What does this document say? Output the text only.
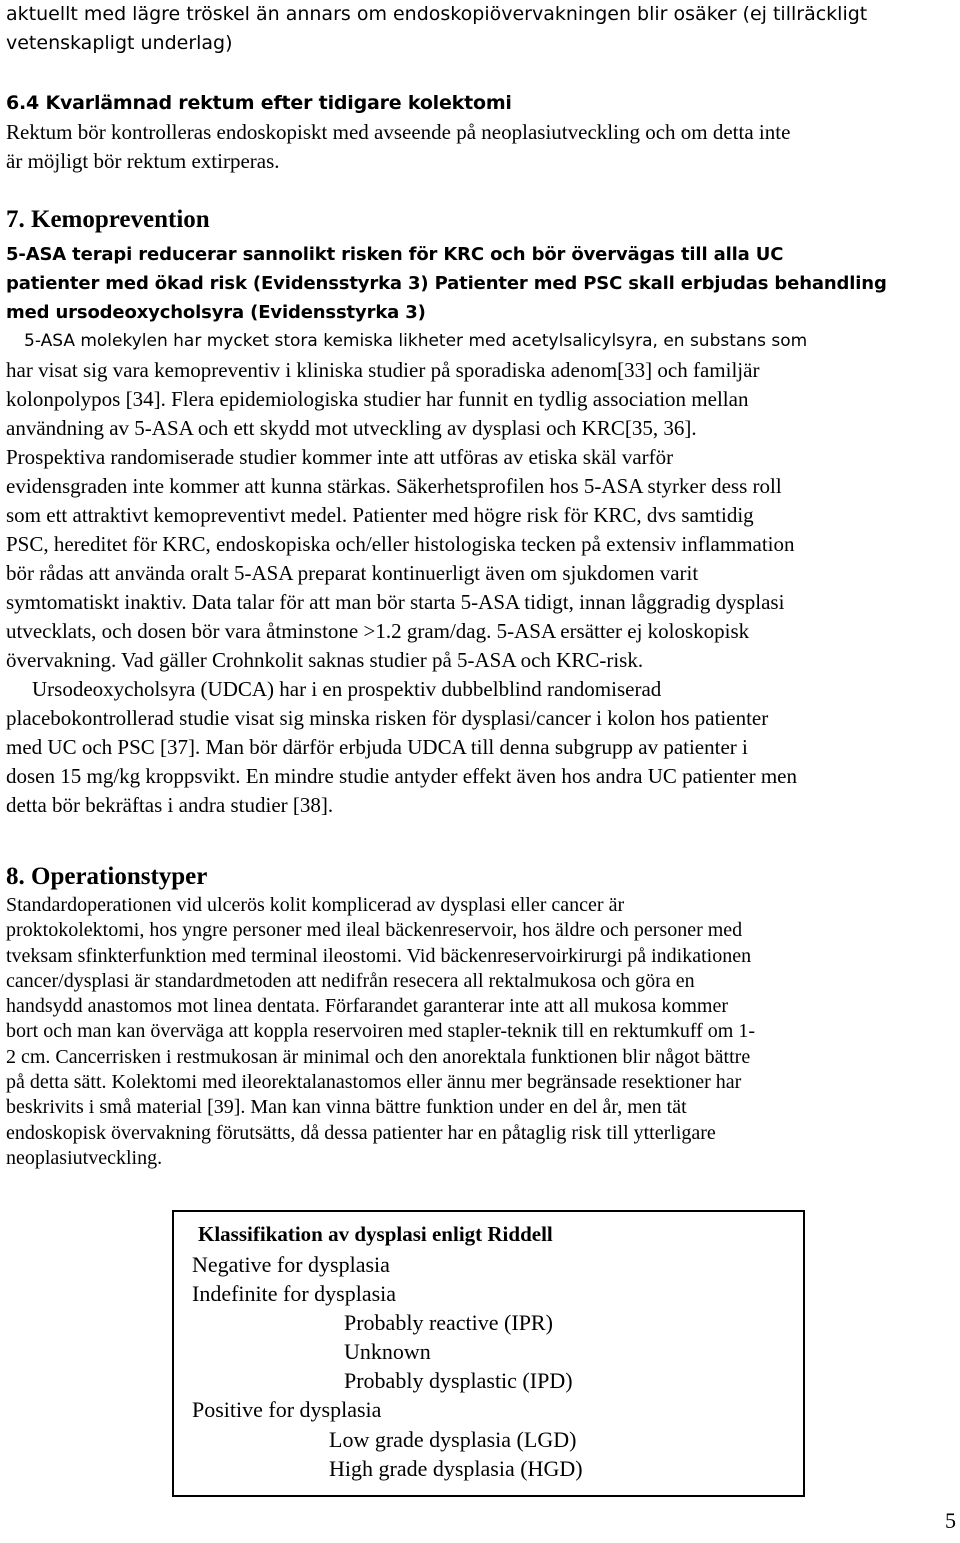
aktuellt med lägre tröskel än annars om endoskopiövervakningen blir osäker (ej tillräckligt
vetenskapligt underlag)
6.4 Kvarlämnad rektum efter tidigare kolektomi
Rektum bör kontrolleras endoskopiskt med avseende på neoplasiutveckling och om detta inte
är möjligt bör rektum extirperas.
7. Kemoprevention
5-ASA terapi reducerar sannolikt risken för KRC och bör övervägas till alla UC
patienter med ökad risk (Evidensstyrka 3) Patienter med PSC skall erbjudas behandling
med ursodeoxycholsyra (Evidensstyrka 3)
5-ASA molekylen har mycket stora kemiska likheter med acetylsalicylsyra, en substans som
har visat sig vara kemopreventiv i kliniska studier på sporadiska adenom[33] och familjär
kolonpolypos [34]. Flera epidemiologiska studier har funnit en tydlig association mellan
användning av 5-ASA och ett skydd mot utveckling av dysplasi och KRC[35, 36].
Prospektiva randomiserade studier kommer inte att utföras av etiska skäl varför
evidensgraden inte kommer att kunna stärkas. Säkerhetsprofilen hos 5-ASA styrker dess roll
som ett attraktivt kemopreventivt medel. Patienter med högre risk för KRC, dvs samtidig
PSC, hereditet för KRC, endoskopiska och/eller histologiska tecken på extensiv inflammation
bör rådas att använda oralt 5-ASA preparat kontinuerligt även om sjukdomen varit
symtomatiskt inaktiv. Data talar för att man bör starta 5-ASA tidigt, innan låggradig dysplasi
utvecklats, och dosen bör vara åtminstone >1.2 gram/dag. 5-ASA ersätter ej koloskopisk
övervakning. Vad gäller Crohnkolit saknas studier på 5-ASA och KRC-risk.
Ursodeoxycholsyra (UDCA) har i en prospektiv dubbelblind randomiserad
placebokontrollerad studie visat sig minska risken för dysplasi/cancer i kolon hos patienter
med UC och PSC [37]. Man bör därför erbjuda UDCA till denna subgrupp av patienter i
dosen 15 mg/kg kroppsvikt. En mindre studie antyder effekt även hos andra UC patienter men
detta bör bekräftas i andra studier [38].
8. Operationstyper
Standardoperationen vid ulcerös kolit komplicerad av dysplasi eller cancer är
proktokolektomi, hos yngre personer med ileal bäckenreservoir, hos äldre och personer med
tveksam sfinkterfunktion med terminal ileostomi. Vid bäckenreservoirkirurgi på indikationen
cancer/dysplasi är standardmetoden att nedifrån resecera all rektalmukosa och göra en
handsydd anastomos mot linea dentata. Förfarandet garanterar inte att all mukosa kommer
bort och man kan överväga att koppla reservoiren med stapler-teknik till en rektumkuff om 1-
2 cm. Cancerrisken i restmukosan är minimal och den anorektala funktionen blir något bättre
på detta sätt. Kolektomi med ileorektalanastomos eller ännu mer begränsade resektioner har
beskrivits i små material [39]. Man kan vinna bättre funktion under en del år, men tät
endoskopisk övervakning förutsätts, då dessa patienter har en påtaglig risk till ytterligare
neoplasiutveckling.
Klassifikation av dysplasi enligt Riddell
Negative for dysplasia
Indefinite for dysplasia
Probably reactive (IPR)
Unknown
Probably dysplastic (IPD)
Positive for dysplasia
Low grade dysplasia (LGD)
High grade dysplasia (HGD)
5
